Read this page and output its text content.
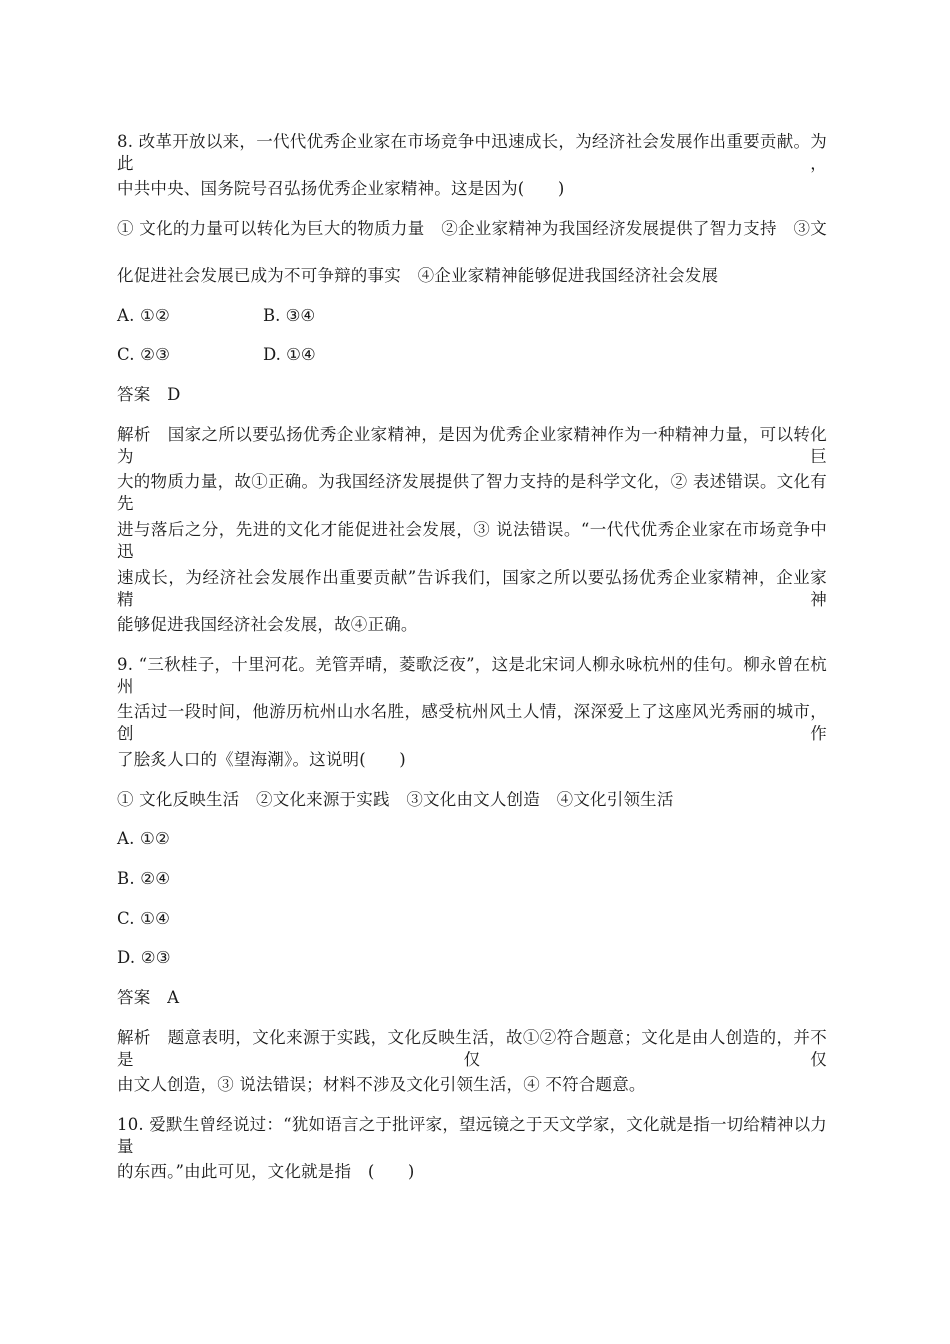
8. 改革开放以来，一代代优秀企业家在市场竞争中迅速成长，为经济社会发展作出重要贡献。为此，
中共中央、国务院号召弘扬优秀企业家精神。这是因为(　　)
① 文化的力量可以转化为巨大的物质力量　②企业家精神为我国经济发展提供了智力支持　③文
化促进社会发展已成为不可争辩的事实　④企业家精神能够促进我国经济社会发展
A. ①②	B. ③④
C. ②③	D. ①④
答案　D
解析　国家之所以要弘扬优秀企业家精神，是因为优秀企业家精神作为一种精神力量，可以转化为巨
大的物质力量，故①正确。为我国经济发展提供了智力支持的是科学文化，② 表述错误。文化有先
进与落后之分，先进的文化才能促进社会发展，③ 说法错误。“一代代优秀企业家在市场竞争中迅
速成长，为经济社会发展作出重要贡献”告诉我们，国家之所以要弘扬优秀企业家精神，企业家精神
能够促进我国经济社会发展，故④正确。
9. “三秋桂子，十里河花。羌管弄晴，菱歌泛夜”，这是北宋词人柳永咏杭州的佳句。柳永曾在杭州
生活过一段时间，他游历杭州山水名胜，感受杭州风土人情，深深爱上了这座风光秀丽的城市，创作
了脍炙人口的《望海潮》。这说明(　　)
① 文化反映生活　②文化来源于实践　③文化由文人创造　④文化引领生活
A. ①②
B. ②④
C. ①④
D. ②③
答案　A
解析　题意表明，文化来源于实践，文化反映生活，故①②符合题意；文化是由人创造的，并不是仅仅
由文人创造，③ 说法错误；材料不涉及文化引领生活，④ 不符合题意。
10. 爱默生曾经说过：“犹如语言之于批评家，望远镜之于天文学家，文化就是指一切给精神以力量
的东西。”由此可见，文化就是指　(　　)
